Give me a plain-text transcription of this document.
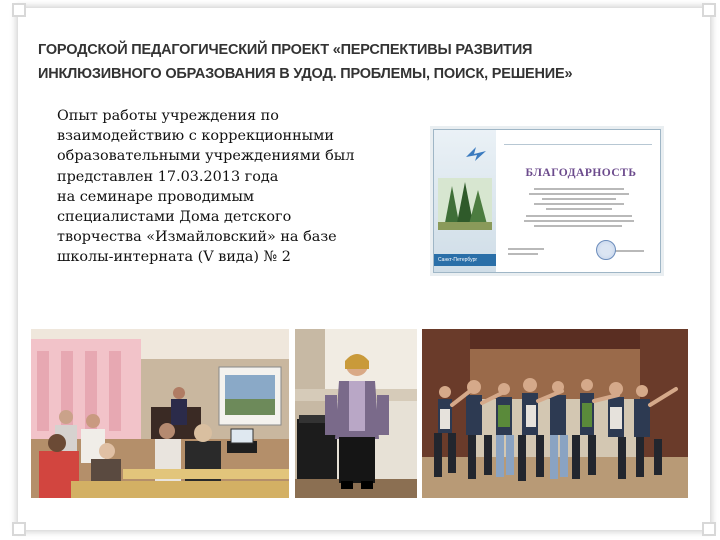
ГОРОДСКОЙ ПЕДАГОГИЧЕСКИЙ ПРОЕКТ «ПЕРСПЕКТИВЫ РАЗВИТИЯ
ИНКЛЮЗИВНОГО ОБРАЗОВАНИЯ В УДОД. ПРОБЛЕМЫ, ПОИСК, РЕШЕНИЕ»
Опыт работы учреждения по
взаимодействию с коррекционными
образовательными учреждениями был
представлен 17.03.2013 года
на семинаре проводимым
специалистами Дома детского
творчества «Измайловский» на базе
школы-интерната (V вида) № 2	Санкт-Петербург
БЛАГОДАРНОСТЬ
